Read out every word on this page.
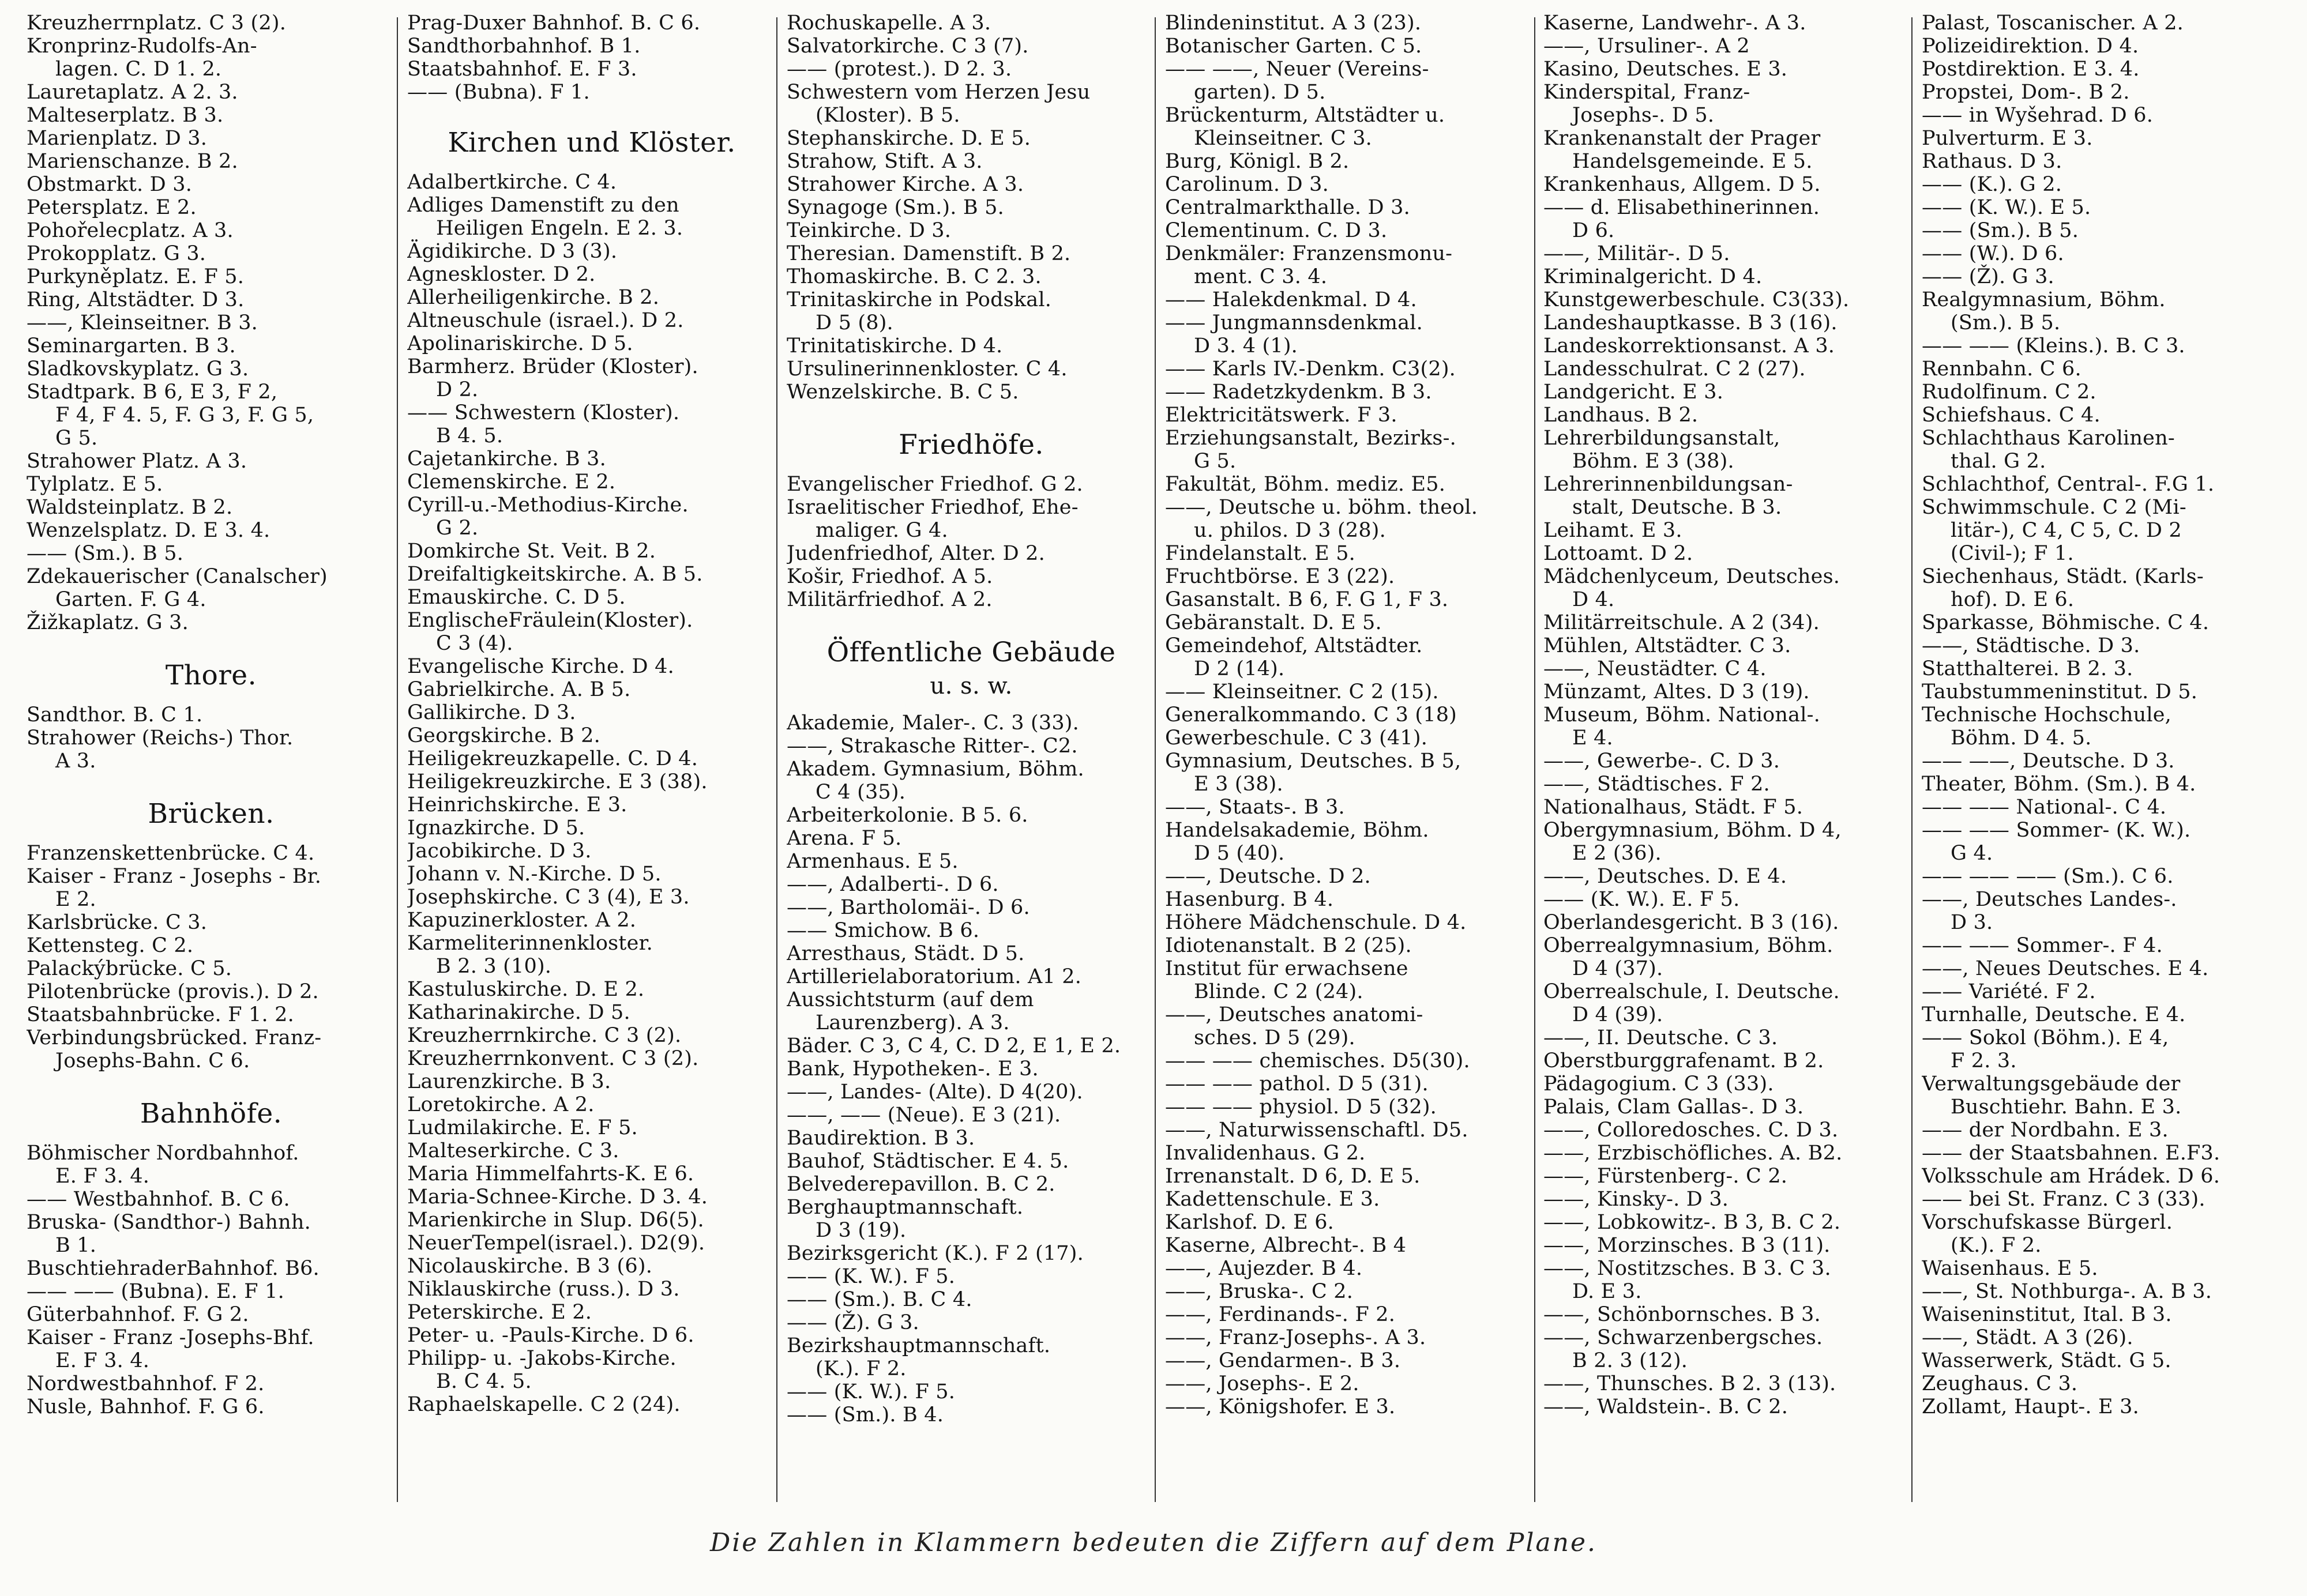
Kreuzherrnplatz. C 3 (2).
Kronprinz-Rudolfs-An-
lagen. C. D 1. 2.
Lauretaplatz. A 2. 3.
Malteserplatz. B 3.
Marienplatz. D 3.
Marienschanze. B 2.
Obstmarkt. D 3.
Petersplatz. E 2.
Pohořelecplatz. A 3.
Prokopplatz. G 3.
Purkyněplatz. E. F 5.
Ring, Altstädter. D 3.
——, Kleinseitner. B 3.
Seminargarten. B 3.
Sladkovskyplatz. G 3.
Stadtpark. B 6, E 3, F 2,
F 4, F 4. 5, F. G 3, F. G 5,
G 5.
Strahower Platz. A 3.
Tylplatz. E 5.
Waldsteinplatz. B 2.
Wenzelsplatz. D. E 3. 4.
—— (Sm.). B 5.
Zdekauerischer (Canalscher)
Garten. F. G 4.
Žižkaplatz. G 3.
Thore.
Sandthor. B. C 1.
Strahower (Reichs-) Thor.
A 3.
Brücken.
Franzenskettenbrücke. C 4.
Kaiser - Franz - Josephs - Br.
E 2.
Karlsbrücke. C 3.
Kettensteg. C 2.
Palackýbrücke. C 5.
Pilotenbrücke (provis.). D 2.
Staatsbahnbrücke. F 1. 2.
Verbindungsbrücked. Franz-
Josephs-Bahn. C 6.
Bahnhöfe.
Böhmischer Nordbahnhof.
E. F 3. 4.
—— Westbahnhof. B. C 6.
Bruska- (Sandthor-) Bahnh.
B 1.
BuschtiehraderBahnhof. B6.
—— —— (Bubna). E. F 1.
Güterbahnhof. F. G 2.
Kaiser - Franz -Josephs-Bhf.
E. F 3. 4.
Nordwestbahnhof. F 2.
Nusle, Bahnhof. F. G 6.
Prag-Duxer Bahnhof. B. C 6.
Sandthorbahnhof. B 1.
Staatsbahnhof. E. F 3.
—— (Bubna). F 1.
Kirchen und Klöster.
Adalbertkirche. C 4.
Adliges Damenstift zu den
Heiligen Engeln. E 2. 3.
Ägidikirche. D 3 (3).
Agneskloster. D 2.
Allerheiligenkirche. B 2.
Altneuschule (israel.). D 2.
Apolinariskirche. D 5.
Barmherz. Brüder (Kloster).
D 2.
—— Schwestern (Kloster).
B 4. 5.
Cajetankirche. B 3.
Clemenskirche. E 2.
Cyrill-u.-Methodius-Kirche.
G 2.
Domkirche St. Veit. B 2.
Dreifaltigkeitskirche. A. B 5.
Emauskirche. C. D 5.
EnglischeFräulein(Kloster).
C 3 (4).
Evangelische Kirche. D 4.
Gabrielkirche. A. B 5.
Gallikirche. D 3.
Georgskirche. B 2.
Heiligekreuzkapelle. C. D 4.
Heiligekreuzkirche. E 3 (38).
Heinrichskirche. E 3.
Ignazkirche. D 5.
Jacobikirche. D 3.
Johann v. N.-Kirche. D 5.
Josephskirche. C 3 (4), E 3.
Kapuzinerkloster. A 2.
Karmeliterinnenkloster.
B 2. 3 (10).
Kastuluskirche. D. E 2.
Katharinakirche. D 5.
Kreuzherrnkirche. C 3 (2).
Kreuzherrnkonvent. C 3 (2).
Laurenzkirche. B 3.
Loretokirche. A 2.
Ludmilakirche. E. F 5.
Malteserkirche. C 3.
Maria Himmelfahrts-K. E 6.
Maria-Schnee-Kirche. D 3. 4.
Marienkirche in Slup. D6(5).
NeuerTempel(israel.). D2(9).
Nicolauskirche. B 3 (6).
Niklauskirche (russ.). D 3.
Peterskirche. E 2.
Peter- u. -Pauls-Kirche. D 6.
Philipp- u. -Jakobs-Kirche.
B. C 4. 5.
Raphaelskapelle. C 2 (24).
Rochuskapelle. A 3.
Salvatorkirche. C 3 (7).
—— (protest.). D 2. 3.
Schwestern vom Herzen Jesu
(Kloster). B 5.
Stephanskirche. D. E 5.
Strahow, Stift. A 3.
Strahower Kirche. A 3.
Synagoge (Sm.). B 5.
Teinkirche. D 3.
Theresian. Damenstift. B 2.
Thomaskirche. B. C 2. 3.
Trinitaskirche in Podskal.
D 5 (8).
Trinitatiskirche. D 4.
Ursulinerinnenkloster. C 4.
Wenzelskirche. B. C 5.
Friedhöfe.
Evangelischer Friedhof. G 2.
Israelitischer Friedhof, Ehe-
maliger. G 4.
Judenfriedhof, Alter. D 2.
Košir, Friedhof. A 5.
Militärfriedhof. A 2.
Öffentliche Gebäude
u. s. w.
Akademie, Maler-. C. 3 (33).
——, Strakasche Ritter-. C2.
Akadem. Gymnasium, Böhm.
C 4 (35).
Arbeiterkolonie. B 5. 6.
Arena. F 5.
Armenhaus. E 5.
——, Adalberti-. D 6.
——, Bartholomäi-. D 6.
—— Smichow. B 6.
Arresthaus, Städt. D 5.
Artillerielaboratorium. A1 2.
Aussichtsturm (auf dem
Laurenzberg). A 3.
Bäder. C 3, C 4, C. D 2, E 1, E 2.
Bank, Hypotheken-. E 3.
——, Landes- (Alte). D 4(20).
——, —— (Neue). E 3 (21).
Baudirektion. B 3.
Bauhof, Städtischer. E 4. 5.
Belvederepavillon. B. C 2.
Berghauptmannschaft.
D 3 (19).
Bezirksgericht (K.). F 2 (17).
—— (K. W.). F 5.
—— (Sm.). B. C 4.
—— (Ž). G 3.
Bezirkshauptmannschaft.
(K.). F 2.
—— (K. W.). F 5.
—— (Sm.). B 4.
Blindeninstitut. A 3 (23).
Botanischer Garten. C 5.
—— ——, Neuer (Vereins-
garten). D 5.
Brückenturm, Altstädter u.
Kleinseitner. C 3.
Burg, Königl. B 2.
Carolinum. D 3.
Centralmarkthalle. D 3.
Clementinum. C. D 3.
Denkmäler: Franzensmonu-
ment. C 3. 4.
—— Halekdenkmal. D 4.
—— Jungmannsdenkmal.
D 3. 4 (1).
—— Karls IV.-Denkm. C3(2).
—— Radetzkydenkm. B 3.
Elektricitätswerk. F 3.
Erziehungsanstalt, Bezirks-.
G 5.
Fakultät, Böhm. mediz. E5.
——, Deutsche u. böhm. theol.
u. philos. D 3 (28).
Findelanstalt. E 5.
Fruchtbörse. E 3 (22).
Gasanstalt. B 6, F. G 1, F 3.
Gebäranstalt. D. E 5.
Gemeindehof, Altstädter.
D 2 (14).
—— Kleinseitner. C 2 (15).
Generalkommando. C 3 (18)
Gewerbeschule. C 3 (41).
Gymnasium, Deutsches. B 5,
E 3 (38).
——, Staats-. B 3.
Handelsakademie, Böhm.
D 5 (40).
——, Deutsche. D 2.
Hasenburg. B 4.
Höhere Mädchenschule. D 4.
Idiotenanstalt. B 2 (25).
Institut für erwachsene
Blinde. C 2 (24).
——, Deutsches anatomi-
sches. D 5 (29).
—— —— chemisches. D5(30).
—— —— pathol. D 5 (31).
—— —— physiol. D 5 (32).
——, Naturwissenschaftl. D5.
Invalidenhaus. G 2.
Irrenanstalt. D 6, D. E 5.
Kadettenschule. E 3.
Karlshof. D. E 6.
Kaserne, Albrecht-. B 4
——, Aujezder. B 4.
——, Bruska-. C 2.
——, Ferdinands-. F 2.
——, Franz-Josephs-. A 3.
——, Gendarmen-. B 3.
——, Josephs-. E 2.
——, Königshofer. E 3.
Kaserne, Landwehr-. A 3.
——, Ursuliner-. A 2
Kasino, Deutsches. E 3.
Kinderspital, Franz-
Josephs-. D 5.
Krankenanstalt der Prager
Handelsgemeinde. E 5.
Krankenhaus, Allgem. D 5.
—— d. Elisabethinerinnen.
D 6.
——, Militär-. D 5.
Kriminalgericht. D 4.
Kunstgewerbeschule. C3(33).
Landeshauptkasse. B 3 (16).
Landeskorrektionsanst. A 3.
Landesschulrat. C 2 (27).
Landgericht. E 3.
Landhaus. B 2.
Lehrerbildungsanstalt,
Böhm. E 3 (38).
Lehrerinnenbildungsan-
stalt, Deutsche. B 3.
Leihamt. E 3.
Lottoamt. D 2.
Mädchenlyceum, Deutsches.
D 4.
Militärreitschule. A 2 (34).
Mühlen, Altstädter. C 3.
——, Neustädter. C 4.
Münzamt, Altes. D 3 (19).
Museum, Böhm. National-.
E 4.
——, Gewerbe-. C. D 3.
——, Städtisches. F 2.
Nationalhaus, Städt. F 5.
Obergymnasium, Böhm. D 4,
E 2 (36).
——, Deutsches. D. E 4.
—— (K. W.). E. F 5.
Oberlandesgericht. B 3 (16).
Oberrealgymnasium, Böhm.
D 4 (37).
Oberrealschule, I. Deutsche.
D 4 (39).
——, II. Deutsche. C 3.
Oberstburggrafenamt. B 2.
Pädagogium. C 3 (33).
Palais, Clam Gallas-. D 3.
——, Colloredosches. C. D 3.
——, Erzbischöfliches. A. B2.
——, Fürstenberg-. C 2.
——, Kinsky-. D 3.
——, Lobkowitz-. B 3, B. C 2.
——, Morzinsches. B 3 (11).
——, Nostitzsches. B 3. C 3.
D. E 3.
——, Schönbornsches. B 3.
——, Schwarzenbergsches.
B 2. 3 (12).
——, Thunsches. B 2. 3 (13).
——, Waldstein-. B. C 2.
Palast, Toscanischer. A 2.
Polizeidirektion. D 4.
Postdirektion. E 3. 4.
Propstei, Dom-. B 2.
—— in Wyšehrad. D 6.
Pulverturm. E 3.
Rathaus. D 3.
—— (K.). G 2.
—— (K. W.). E 5.
—— (Sm.). B 5.
—— (W.). D 6.
—— (Ž). G 3.
Realgymnasium, Böhm.
(Sm.). B 5.
—— —— (Kleins.). B. C 3.
Rennbahn. C 6.
Rudolfinum. C 2.
Schiefshaus. C 4.
Schlachthaus Karolinen-
thal. G 2.
Schlachthof, Central-. F.G 1.
Schwimmschule. C 2 (Mi-
litär-), C 4, C 5, C. D 2
(Civil-); F 1.
Siechenhaus, Städt. (Karls-
hof). D. E 6.
Sparkasse, Böhmische. C 4.
——, Städtische. D 3.
Statthalterei. B 2. 3.
Taubstummeninstitut. D 5.
Technische Hochschule,
Böhm. D 4. 5.
—— ——, Deutsche. D 3.
Theater, Böhm. (Sm.). B 4.
—— —— National-. C 4.
—— —— Sommer- (K. W.).
G 4.
—— —— —— (Sm.). C 6.
——, Deutsches Landes-.
D 3.
—— —— Sommer-. F 4.
——, Neues Deutsches. E 4.
—— Variété. F 2.
Turnhalle, Deutsche. E 4.
—— Sokol (Böhm.). E 4,
F 2. 3.
Verwaltungsgebäude der
Buschtiehr. Bahn. E 3.
—— der Nordbahn. E 3.
—— der Staatsbahnen. E.F3.
Volksschule am Hrádek. D 6.
—— bei St. Franz. C 3 (33).
Vorschufskasse Bürgerl.
(K.). F 2.
Waisenhaus. E 5.
——, St. Nothburga-. A. B 3.
Waiseninstitut, Ital. B 3.
——, Städt. A 3 (26).
Wasserwerk, Städt. G 5.
Zeughaus. C 3.
Zollamt, Haupt-. E 3.
Die Zahlen in Klammern bedeuten die Ziffern auf dem Plane.
